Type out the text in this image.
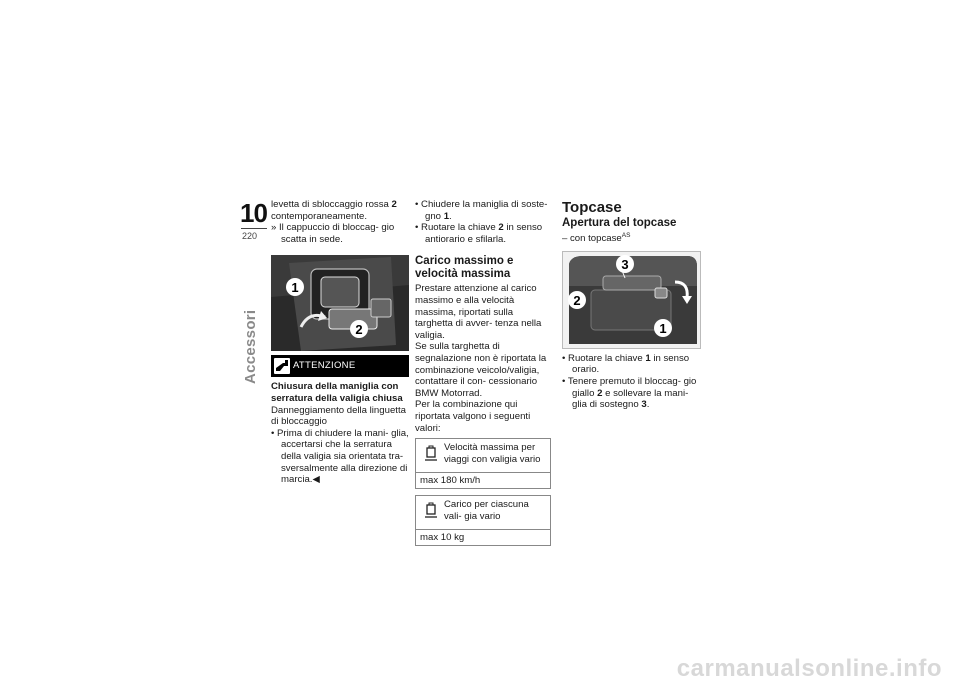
10
220
Accessori

levetta di sbloccaggio rossa 2 contemporaneamente.

» Il cappuccio di bloccag- gio scatta in sede.

1
2
ATTENZIONE

Chiusura della maniglia con serratura della valigia chiusa

Danneggiamento della linguetta di bloccaggio

• Prima di chiudere la mani- glia, accertarsi che la serratura della valigia sia orientata tra- sversalmente alla direzione di marcia.◀

• Chiudere la maniglia di soste- gno 1.

• Ruotare la chiave 2 in senso antiorario e sfilarla.

Carico massimo e velocità massima

Prestare attenzione al carico massimo e alla velocità massima, riportati sulla targhetta di avver- tenza nella valigia.

Se sulla targhetta di segnalazione non è riportata la combinazione veicolo/valigia, contattare il con- cessionario BMW Motorrad.

Per la combinazione qui riportata valgono i seguenti valori:

Velocità massima per viaggi con valigia vario
max 180 km/h
Carico per ciascuna vali- gia vario
max 10 kg
Topcase
Apertura del topcase

– con topcase$^{AS}$

3
2
1

• Ruotare la chiave 1 in senso orario.

• Tenere premuto il bloccag- gio giallo 2 e sollevare la mani- glia di sostegno 3.

carmanualsonline.info
